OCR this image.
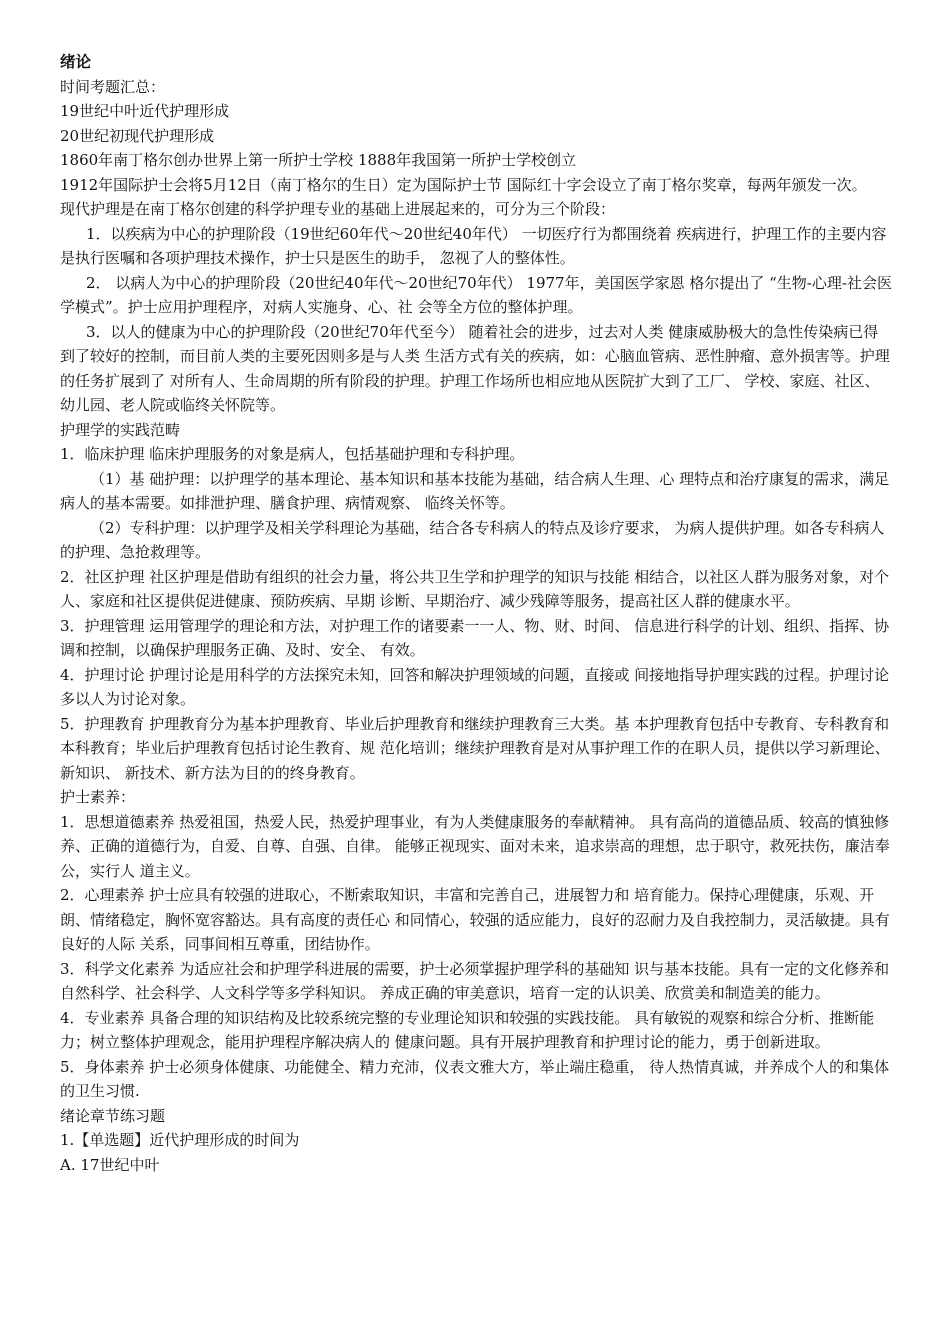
绪论

时间考题汇总：

19世纪中叶近代护理形成

20世纪初现代护理形成

1860年南丁格尔创办世界上第一所护士学校 1888年我国第一所护士学校创立

1912年国际护士会将5月12日（南丁格尔的生日）定为国际护士节 国际红十字会设立了南丁格尔奖章，每两年颁发一次。

现代护理是在南丁格尔创建的科学护理专业的基础上进展起来的，可分为三个阶段：

1．以疾病为中心的护理阶段（19世纪60年代～20世纪40年代） 一切医疗行为都围绕着 疾病进行，护理工作的主要内容是执行医嘱和各项护理技术操作，护士只是医生的助手， 忽视了人的整体性。

2． 以病人为中心的护理阶段（20世纪40年代～20世纪70年代） 1977年，美国医学家恩 格尔提出了 “生物-心理-社会医学模式”。护士应用护理程序，对病人实施身、心、社 会等全方位的整体护理。

3．以人的健康为中心的护理阶段（20世纪70年代至今） 随着社会的进步，过去对人类 健康威胁极大的急性传染病已得到了较好的控制，而目前人类的主要死因则多是与人类 生活方式有关的疾病，如：心脑血管病、恶性肿瘤、意外损害等。护理的任务扩展到了 对所有人、生命周期的所有阶段的护理。护理工作场所也相应地从医院扩大到了工厂、 学校、家庭、社区、幼儿园、老人院或临终关怀院等。

护理学的实践范畴

1．临床护理 临床护理服务的对象是病人，包括基础护理和专科护理。

（1）基 础护理：以护理学的基本理论、基本知识和基本技能为基础，结合病人生理、心 理特点和治疗康复的需求，满足病人的基本需要。如排泄护理、膳食护理、病情观察、 临终关怀等。

（2）专科护理：以护理学及相关学科理论为基础，结合各专科病人的特点及诊疗要求， 为病人提供护理。如各专科病人的护理、急抢救理等。

2．社区护理 社区护理是借助有组织的社会力量，将公共卫生学和护理学的知识与技能 相结合，以社区人群为服务对象，对个人、家庭和社区提供促进健康、预防疾病、早期 诊断、早期治疗、减少残障等服务，提高社区人群的健康水平。

3．护理管理 运用管理学的理论和方法，对护理工作的诸要素一一人、物、财、时间、 信息进行科学的计划、组织、指挥、协调和控制，以确保护理服务正确、及时、安全、 有效。

4．护理讨论 护理讨论是用科学的方法探究未知，回答和解决护理领域的问题，直接或 间接地指导护理实践的过程。护理讨论多以人为讨论对象。

5．护理教育 护理教育分为基本护理教育、毕业后护理教育和继续护理教育三大类。基 本护理教育包括中专教育、专科教育和本科教育；毕业后护理教育包括讨论生教育、规 范化培训；继续护理教育是对从事护理工作的在职人员，提供以学习新理论、新知识、 新技术、新方法为目的的终身教育。

护士素养：

1．思想道德素养 热爱祖国，热爱人民，热爱护理事业，有为人类健康服务的奉献精神。 具有高尚的道德品质、较高的慎独修养、正确的道德行为，自爱、自尊、自强、自律。 能够正视现实、面对未来，追求崇高的理想，忠于职守，救死扶伤，廉洁奉公，实行人 道主义。

2．心理素养 护士应具有较强的进取心，不断索取知识，丰富和完善自己，进展智力和 培育能力。保持心理健康，乐观、开朗、情绪稳定，胸怀宽容豁达。具有高度的责任心 和同情心，较强的适应能力，良好的忍耐力及自我控制力，灵活敏捷。具有良好的人际 关系，同事间相互尊重，团结协作。

3．科学文化素养 为适应社会和护理学科进展的需要，护士必须掌握护理学科的基础知 识与基本技能。具有一定的文化修养和自然科学、社会科学、人文科学等多学科知识。 养成正确的审美意识，培育一定的认识美、欣赏美和制造美的能力。

4．专业素养 具备合理的知识结构及比较系统完整的专业理论知识和较强的实践技能。 具有敏锐的观察和综合分析、推断能力；树立整体护理观念，能用护理程序解决病人的 健康问题。具有开展护理教育和护理讨论的能力，勇于创新进取。

5．身体素养 护士必须身体健康、功能健全、精力充沛，仪表文雅大方，举止端庄稳重， 待人热情真诚，并养成个人的和集体的卫生习惯.

绪论章节练习题

1.【单选题】近代护理形成的时间为

A. 17世纪中叶
